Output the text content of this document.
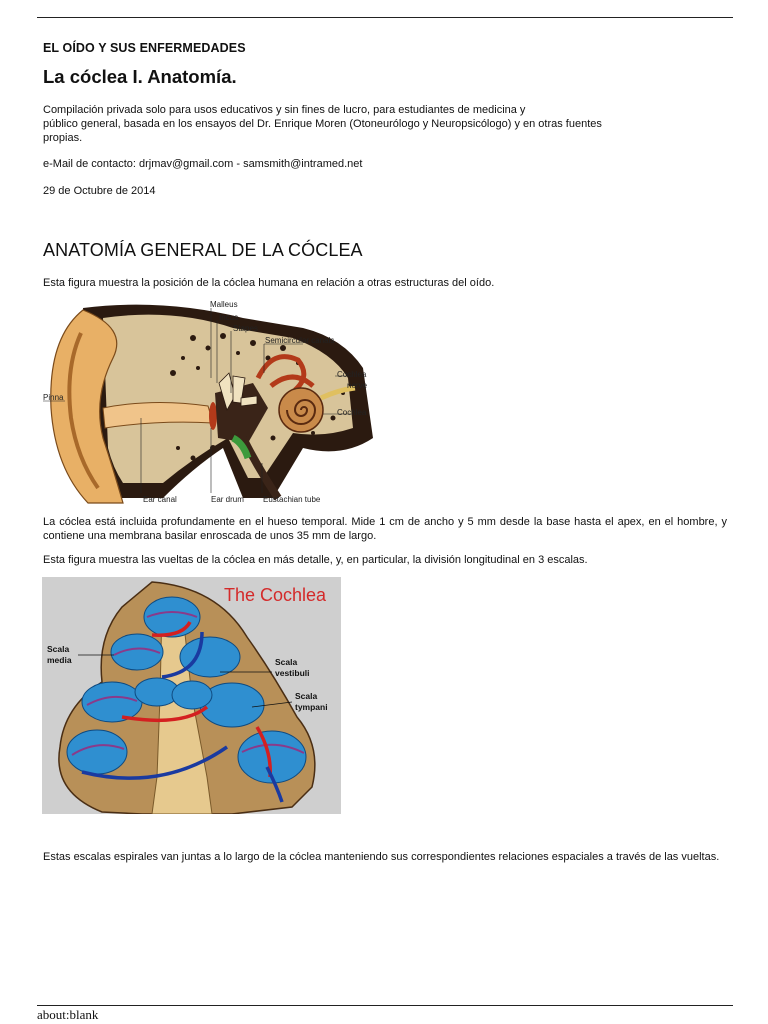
EL OÍDO Y SUS ENFERMEDADES

La cóclea I. Anatomía.
Compilación privada solo para usos educativos y sin fines de lucro, para estudiantes de medicina y
público general, basada en los ensayos del Dr. Enrique Moren (Otoneurólogo y Neuropsicólogo) y en otras fuentes
propias.

e-Mail de contacto: drjmav@gmail.com - samsmith@intramed.net

29 de Octubre de 2014

ANATOMÍA GENERAL DE LA CÓCLEA

Esta figura muestra la posición de la cóclea humana en relación a otras estructuras del oído.

La cóclea está incluida profundamente en el hueso temporal. Mide 1 cm de ancho y 5 mm desde la base hasta el apex, en el hombre, y contiene una membrana basilar enroscada de unos 35 mm de largo.

Esta figura muestra las vueltas de la cóclea en más detalle, y, en particular, la división longitudinal en 3 escalas.

Estas escalas espirales van juntas a lo largo de la cóclea manteniendo sus correspondientes relaciones espaciales a través de las vueltas.

Malleus
Incus
Stapes
Semicircular canals
Cochlea
nerve
Cochlea
Pinna
Ear canal	Ear drum Eustachian tube
The Cochlea
Scala
media	Scala
vestibuli
Scala
tympani
about:blank
